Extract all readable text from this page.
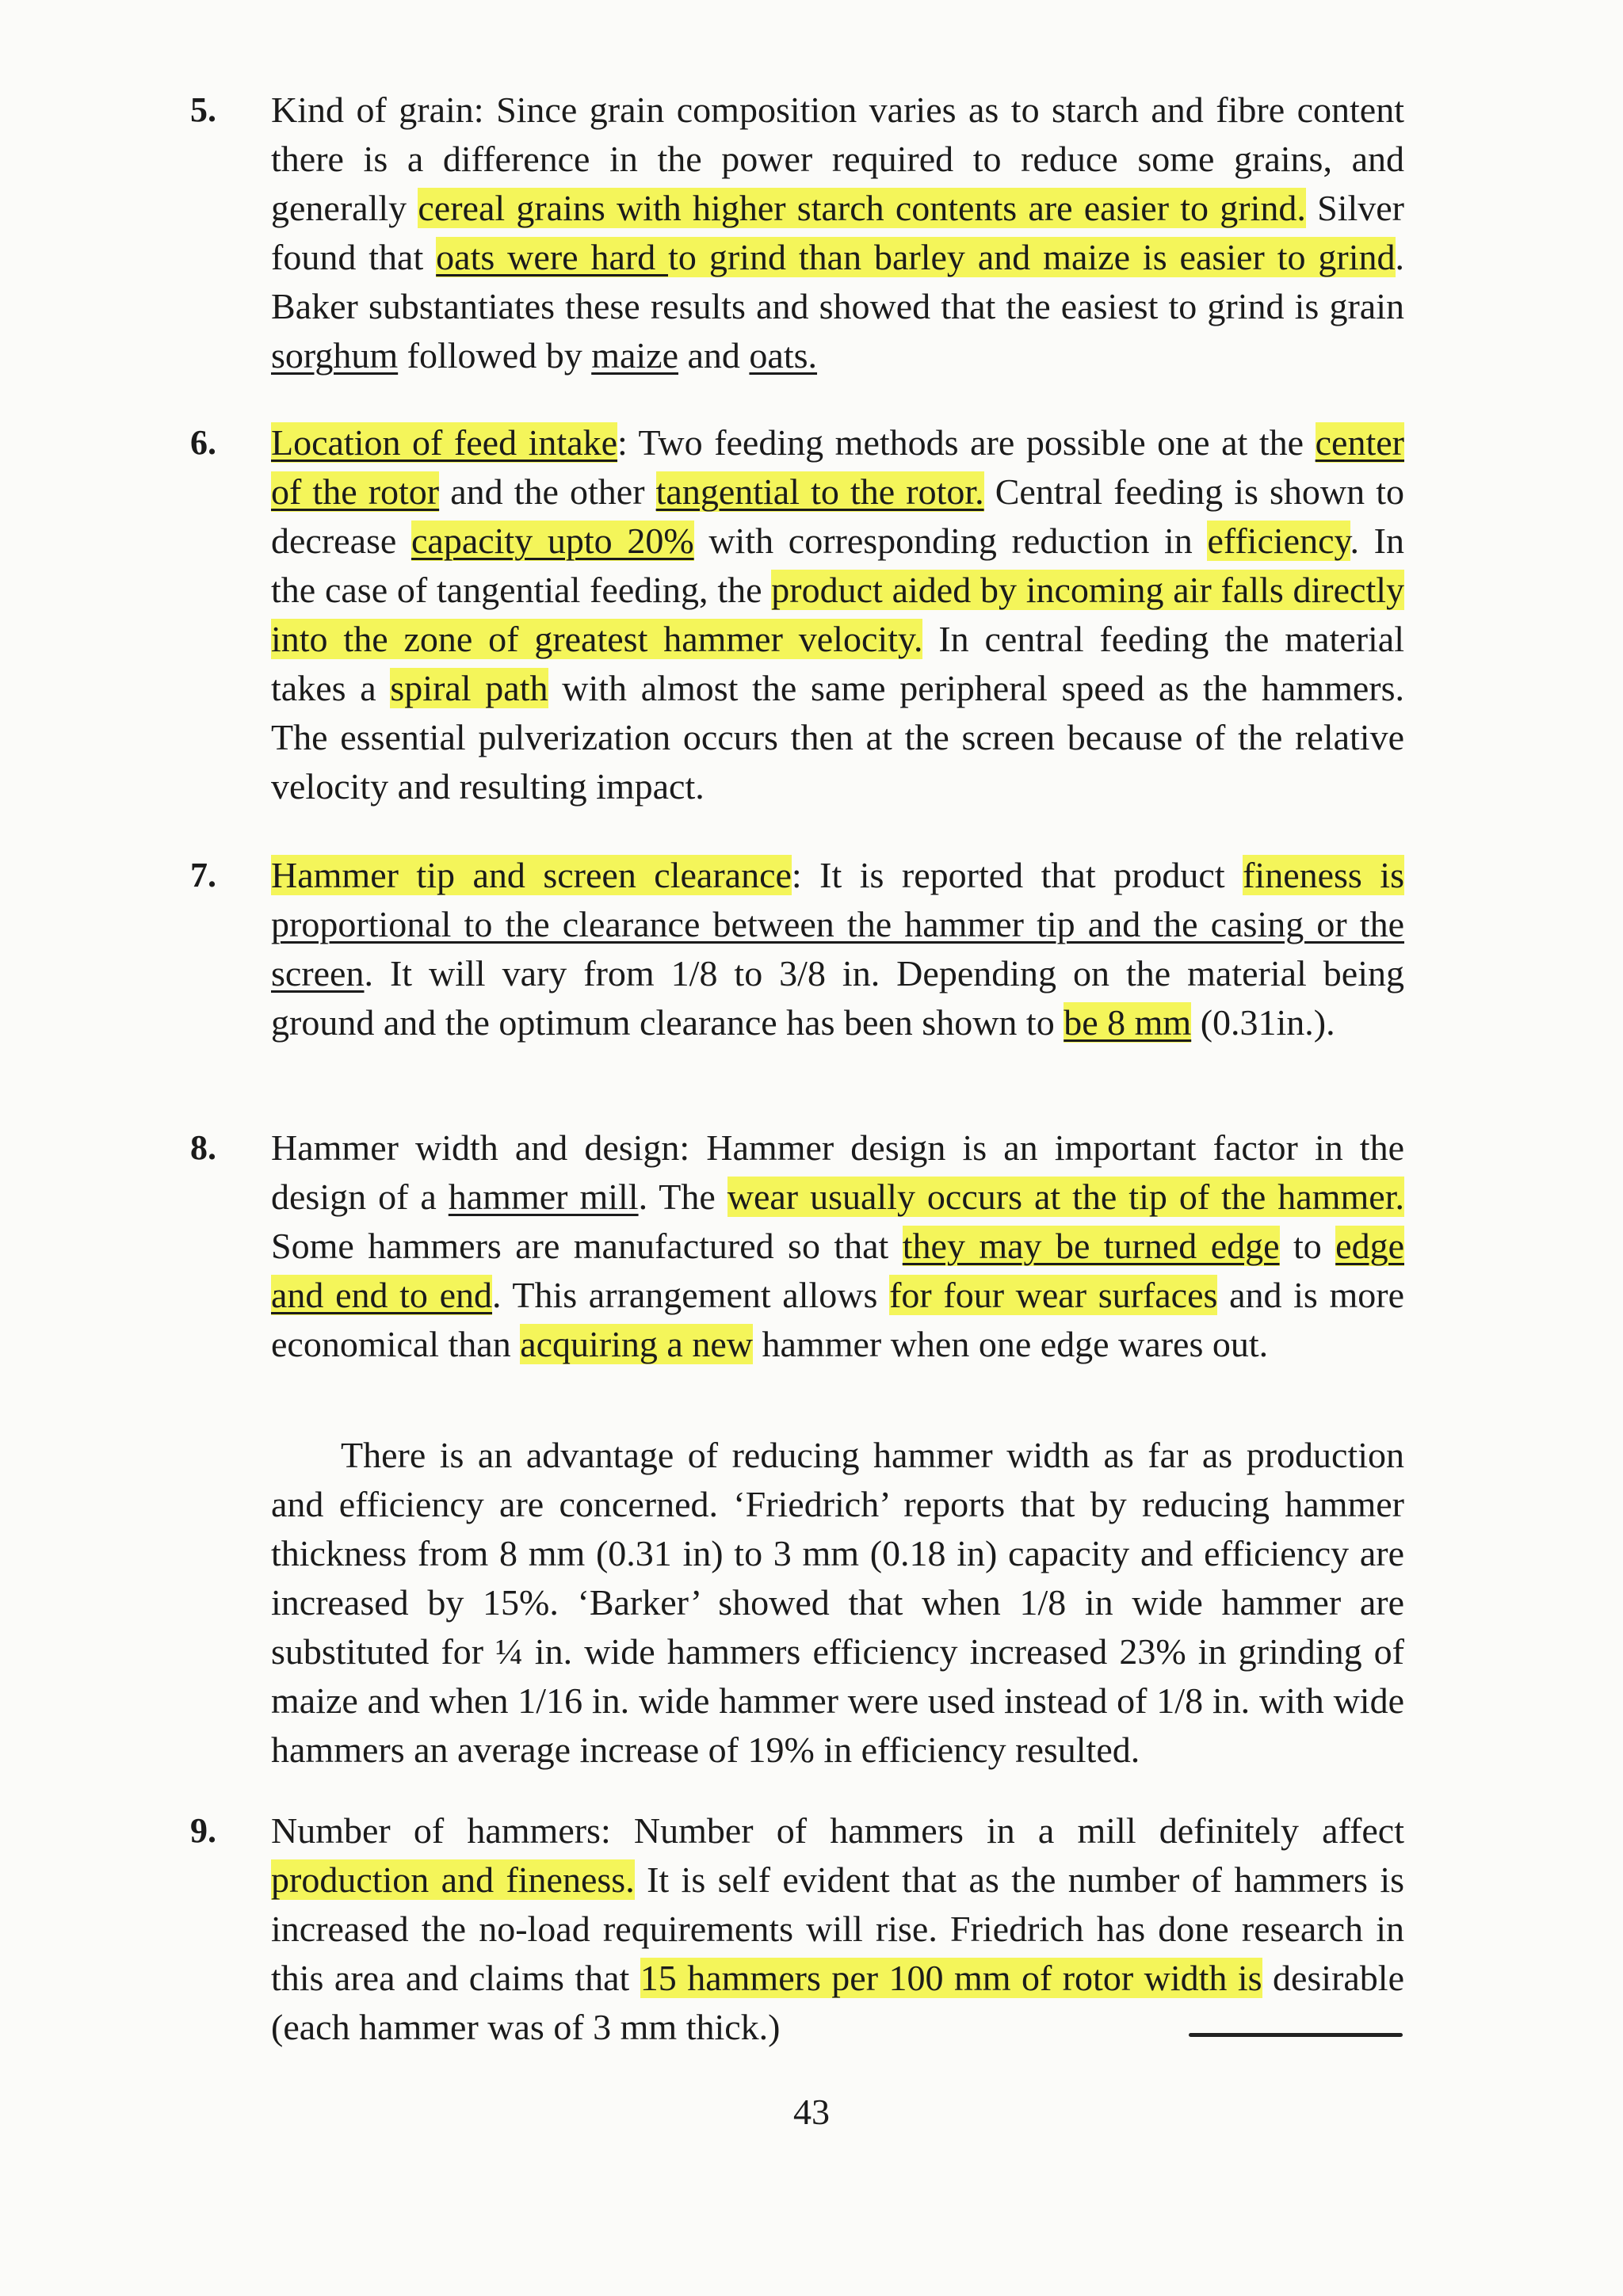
5.	Kind of grain: Since grain composition varies as to starch and fibre content there is a difference in the power required to reduce some grains, and generally cereal grains with higher starch contents are easier to grind. Silver found that oats were hard to grind than barley and maize is easier to grind. Baker substantiates these results and showed that the easiest to grind is grain sorghum followed by maize and oats.
6.	Location of feed intake: Two feeding methods are possible one at the center of the rotor and the other tangential to the rotor. Central feeding is shown to decrease capacity upto 20% with corresponding reduction in efficiency. In the case of tangential feeding, the product aided by incoming air falls directly into the zone of greatest hammer velocity. In central feeding the material takes a spiral path with almost the same peripheral speed as the hammers. The essential pulverization occurs then at the screen because of the relative velocity and resulting impact.
7.	Hammer tip and screen clearance: It is reported that product fineness is proportional to the clearance between the hammer tip and the casing or the screen. It will vary from 1/8 to 3/8 in. Depending on the material being ground and the optimum clearance has been shown to be 8 mm (0.31in.).
8.	Hammer width and design: Hammer design is an important factor in the design of a hammer mill. The wear usually occurs at the tip of the hammer. Some hammers are manufactured so that they may be turned edge to edge and end to end. This arrangement allows for four wear surfaces and is more economical than acquiring a new hammer when one edge wares out.
There is an advantage of reducing hammer width as far as production and efficiency are concerned. ‘Friedrich’ reports that by reducing hammer thickness from 8 mm (0.31 in) to 3 mm (0.18 in) capacity and efficiency are increased by 15%. ‘Barker’ showed that when 1/8 in wide hammer are substituted for ¼ in. wide hammers efficiency increased 23% in grinding of maize and when 1/16 in. wide hammer were used instead of 1/8 in. with wide hammers an average increase of 19% in efficiency resulted.
9.	Number of hammers: Number of hammers in a mill definitely affect production and fineness. It is self evident that as the number of hammers is increased the no-load requirements will rise. Friedrich has done research in this area and claims that 15 hammers per 100 mm of rotor width is desirable (each hammer was of 3 mm thick.)
43
